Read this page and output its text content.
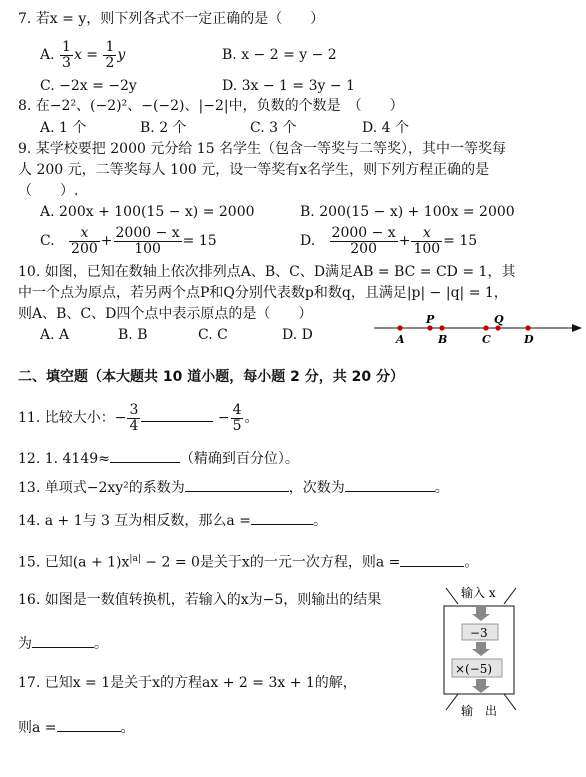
7. 若x = y，则下列各式不一定正确的是（　　）
A. $\frac{1}{3}$ $x = \frac{1}{2}$ y	B. x − 2 = y − 2
C. −2x = −2y	D. 3x − 1 = 3y − 1
8. 在−2²、(−2)²、−(−2)、|−2|中，负数的个数是　（　　）
A. 1 个	B. 2 个	C. 3 个	D. 4 个
9. 某学校要把 2000 元分给 15 名学生（包含一等奖与二等奖），其中一等奖每
人 200 元，二等奖每人 100 元，设一等奖有x名学生，则下列方程正确的是
（　　）.
A. 200x + 100(15 − x) = 2000	B. 200(15 − x) + 100x = 2000
C. $\frac{x}{200} + \frac{2000 - x}{100} = 15$	D. $\frac{2000 - x}{200} + \frac{x}{100} = 15$
10. 如图，已知在数轴上依次排列点A、B、C、D满足AB = BC = CD = 1，其
中一个点为原点，若另两个点P和Q分别代表数p和数q，且满足|p| − |q| = 1，
则A、B、C、D四个点中表示原点的是（　　）
A. A	B. B	C. C	D. D	A	B	C	D
P	Q
二、填空题（本大题共 10 道小题，每小题 2 分，共 20 分）
11. 比较大小：− $\frac{3}{4}$	− $\frac{4}{5}$ 。
12. 1. 4149≈	（精确到百分位）。
13. 单项式−2xy²的系数为	，次数为	。
14. a + 1与 3 互为相反数，那么a =	。
15. 已知$(a + 1)x^{|a|} - 2 = 0$是关于x的一元一次方程，则a =	。
16. 如图是一数值转换机，若输入的x为−5，则输出的结果
为	。
17. 已知x = 1是关于x的方程ax + 2 = 3x + 1的解，
则a =	。
输入 x
−3
×(−5)
输　出
